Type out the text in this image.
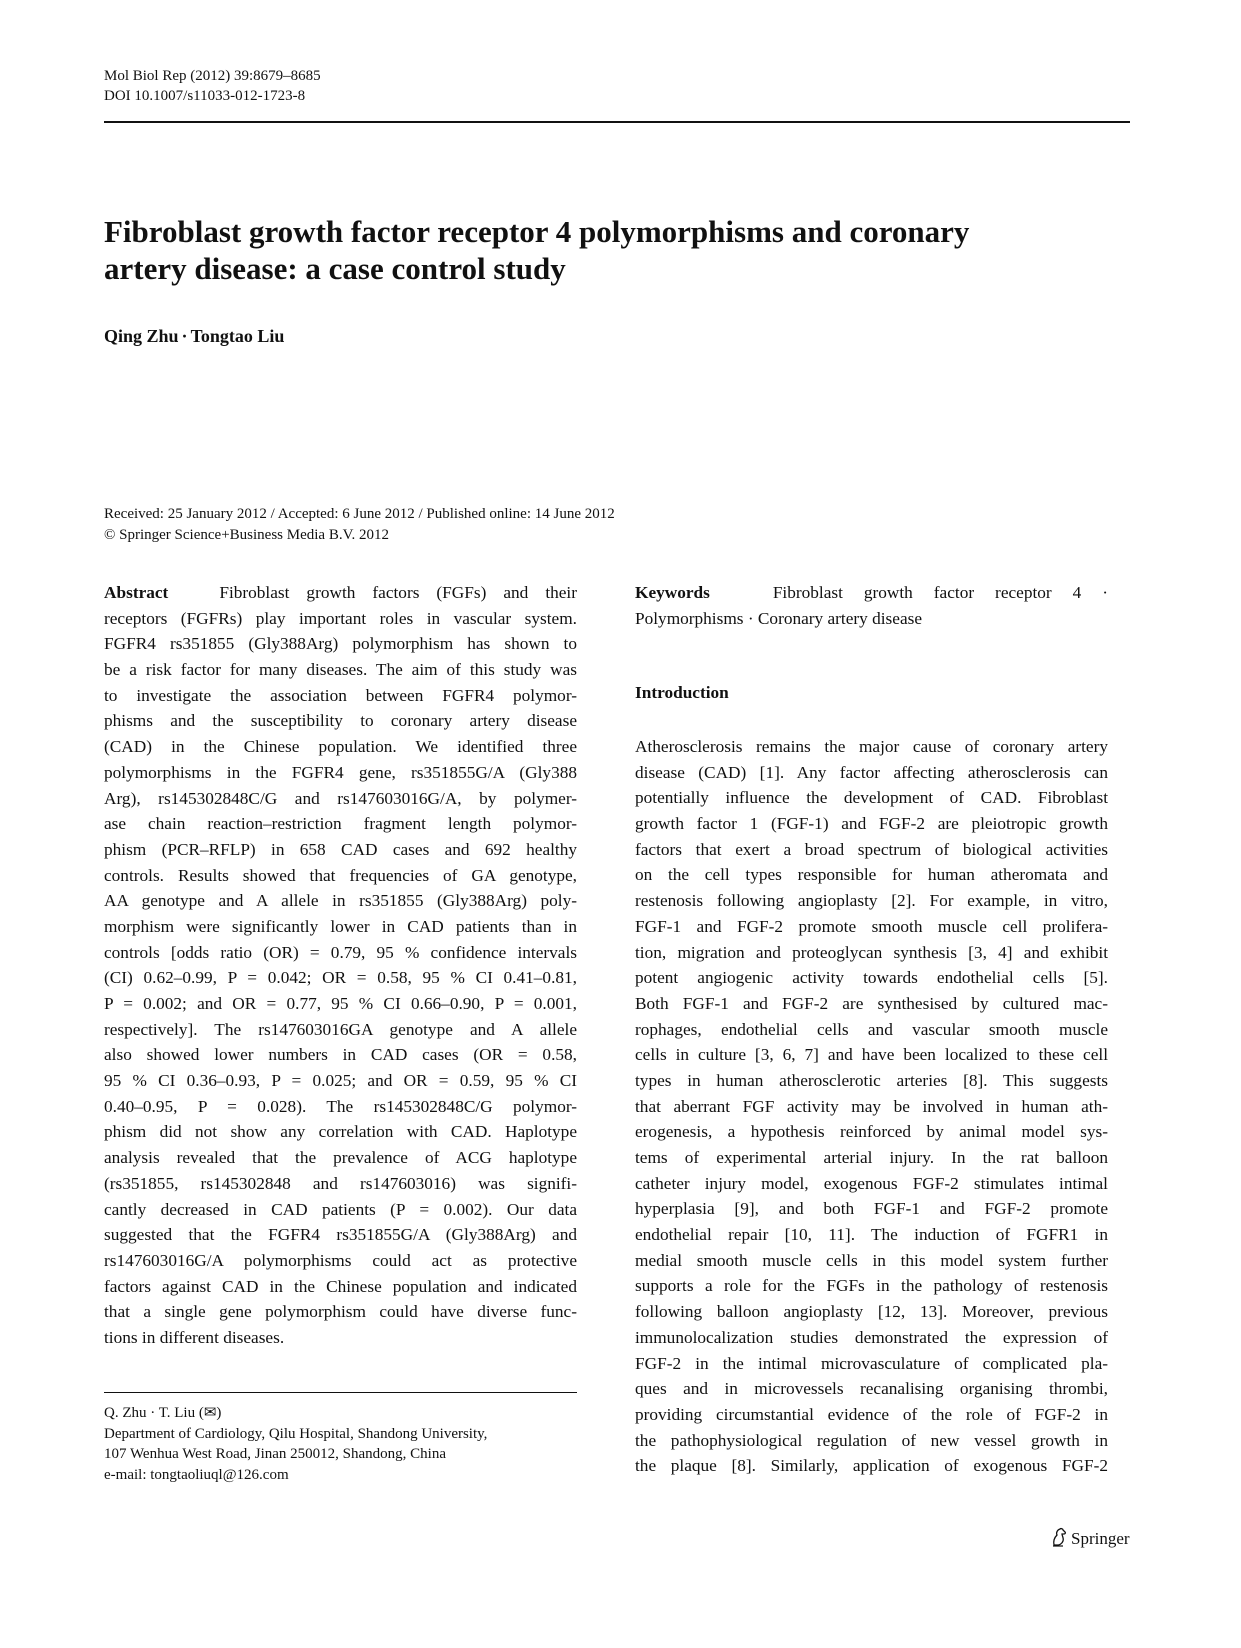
Mol Biol Rep (2012) 39:8679–8685
DOI 10.1007/s11033-012-1723-8
Fibroblast growth factor receptor 4 polymorphisms and coronary
artery disease: a case control study
Qing Zhu · Tongtao Liu
Received: 25 January 2012 / Accepted: 6 June 2012 / Published online: 14 June 2012
© Springer Science+Business Media B.V. 2012
Abstract	Fibroblast growth factors (FGFs) and their
receptors (FGFRs) play important roles in vascular system.
FGFR4 rs351855 (Gly388Arg) polymorphism has shown to
be a risk factor for many diseases. The aim of this study was
to investigate the association between FGFR4 polymor-
phisms and the susceptibility to coronary artery disease
(CAD) in the Chinese population. We identified three
polymorphisms in the FGFR4 gene, rs351855G/A (Gly388
Arg), rs145302848C/G and rs147603016G/A, by polymer-
ase chain reaction–restriction fragment length polymor-
phism (PCR–RFLP) in 658 CAD cases and 692 healthy
controls. Results showed that frequencies of GA genotype,
AA genotype and A allele in rs351855 (Gly388Arg) poly-
morphism were significantly lower in CAD patients than in
controls [odds ratio (OR) = 0.79, 95 % confidence intervals
(CI) 0.62–0.99, P = 0.042; OR = 0.58, 95 % CI 0.41–0.81,
P = 0.002; and OR = 0.77, 95 % CI 0.66–0.90, P = 0.001,
respectively]. The rs147603016GA genotype and A allele
also showed lower numbers in CAD cases (OR = 0.58,
95 % CI 0.36–0.93, P = 0.025; and OR = 0.59, 95 % CI
0.40–0.95, P = 0.028). The rs145302848C/G polymor-
phism did not show any correlation with CAD. Haplotype
analysis revealed that the prevalence of ACG haplotype
(rs351855, rs145302848 and rs147603016) was signifi-
cantly decreased in CAD patients (P = 0.002). Our data
suggested that the FGFR4 rs351855G/A (Gly388Arg) and
rs147603016G/A polymorphisms could act as protective
factors against CAD in the Chinese population and indicated
that a single gene polymorphism could have diverse func-
tions in different diseases.
Q. Zhu · T. Liu (✉)
Department of Cardiology, Qilu Hospital, Shandong University,
107 Wenhua West Road, Jinan 250012, Shandong, China
e-mail: tongtaoliuql@126.com
Keywords	Fibroblast growth factor receptor 4 ·
Polymorphisms · Coronary artery disease
Introduction
Atherosclerosis remains the major cause of coronary artery
disease (CAD) [1]. Any factor affecting atherosclerosis can
potentially influence the development of CAD. Fibroblast
growth factor 1 (FGF-1) and FGF-2 are pleiotropic growth
factors that exert a broad spectrum of biological activities
on the cell types responsible for human atheromata and
restenosis following angioplasty [2]. For example, in vitro,
FGF-1 and FGF-2 promote smooth muscle cell prolifera-
tion, migration and proteoglycan synthesis [3, 4] and exhibit
potent angiogenic activity towards endothelial cells [5].
Both FGF-1 and FGF-2 are synthesised by cultured mac-
rophages, endothelial cells and vascular smooth muscle
cells in culture [3, 6, 7] and have been localized to these cell
types in human atherosclerotic arteries [8]. This suggests
that aberrant FGF activity may be involved in human ath-
erogenesis, a hypothesis reinforced by animal model sys-
tems of experimental arterial injury. In the rat balloon
catheter injury model, exogenous FGF-2 stimulates intimal
hyperplasia [9], and both FGF-1 and FGF-2 promote
endothelial repair [10, 11]. The induction of FGFR1 in
medial smooth muscle cells in this model system further
supports a role for the FGFs in the pathology of restenosis
following balloon angioplasty [12, 13]. Moreover, previous
immunolocalization studies demonstrated the expression of
FGF-2 in the intimal microvasculature of complicated pla-
ques and in microvessels recanalising organising thrombi,
providing circumstantial evidence of the role of FGF-2 in
the pathophysiological regulation of new vessel growth in
the plaque [8]. Similarly, application of exogenous FGF-2
Springer
